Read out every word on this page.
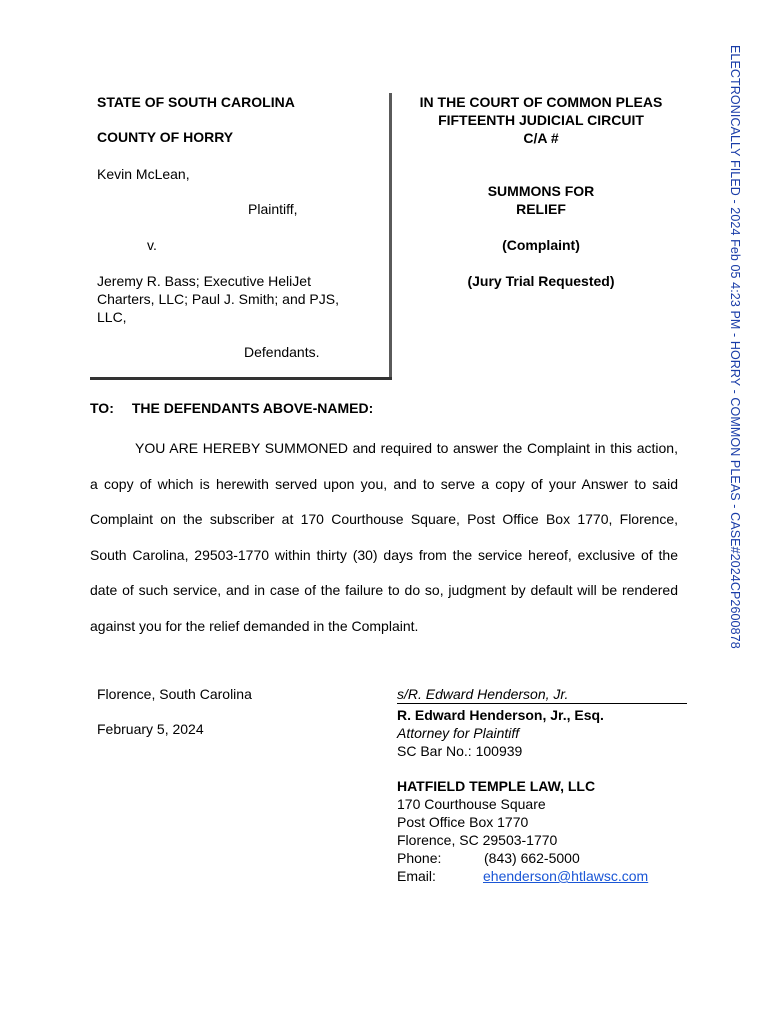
ELECTRONICALLY FILED - 2024 Feb 05 4:23 PM - HORRY - COMMON PLEAS - CASE#2024CP2600878
STATE OF SOUTH CAROLINA
COUNTY OF HORRY
Kevin McLean,
Plaintiff,
v.
Jeremy R. Bass; Executive HeliJet
Charters, LLC; Paul J. Smith; and PJS,
LLC,
Defendants.
IN THE COURT OF COMMON PLEAS
FIFTEENTH JUDICIAL CIRCUIT
C/A #
SUMMONS FOR
RELIEF
(Complaint)
(Jury Trial Requested)
TO: THE DEFENDANTS ABOVE-NAMED:

YOU ARE HEREBY SUMMONED and required to answer the Complaint in this action, a copy of which is herewith served upon you, and to serve a copy of your Answer to said Complaint on the subscriber at 170 Courthouse Square, Post Office Box 1770, Florence, South Carolina, 29503-1770 within thirty (30) days from the service hereof, exclusive of the date of such service, and in case of the failure to do so, judgment by default will be rendered against you for the relief demanded in the Complaint.

Florence, South Carolina
February 5, 2024
s/R. Edward Henderson, Jr.
R. Edward Henderson, Jr., Esq.
Attorney for Plaintiff
SC Bar No.: 100939
HATFIELD TEMPLE LAW, LLC
170 Courthouse Square
Post Office Box 1770
Florence, SC 29503-1770
Phone:	(843) 662-5000
Email:	ehenderson@htlawsc.com
